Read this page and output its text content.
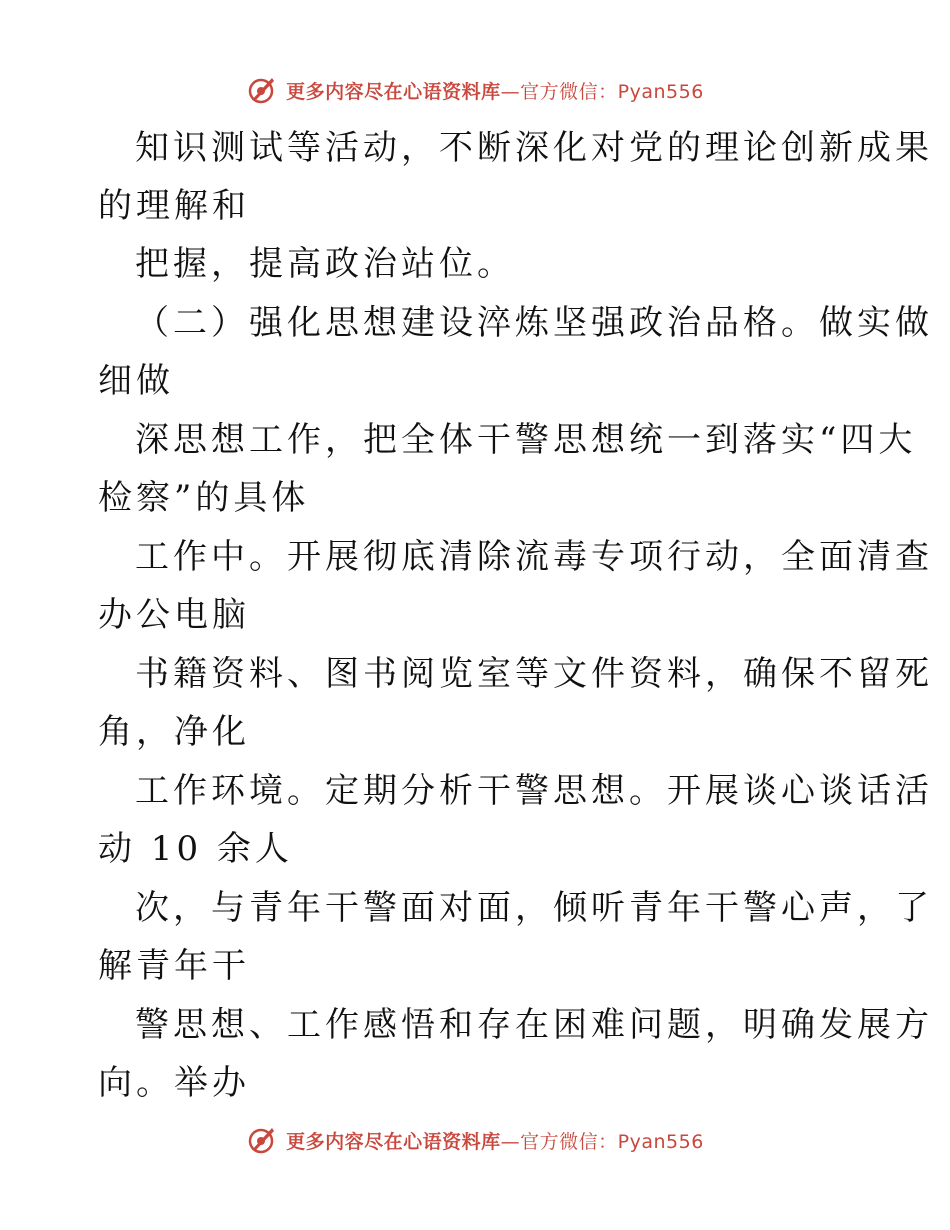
更多内容尽在心语资料库—官方微信：Pyan556
知识测试等活动，不断深化对党的理论创新成果
的理解和
把握，提高政治站位。
（二）强化思想建设淬炼坚强政治品格。做实做
细做
深思想工作，把全体干警思想统一到落实“四大
检察”的具体
工作中。开展彻底清除流毒专项行动，全面清查
办公电脑
书籍资料、图书阅览室等文件资料，确保不留死
角，净化
工作环境。定期分析干警思想。开展谈心谈话活
动 10 余人
次，与青年干警面对面，倾听青年干警心声，了
解青年干
警思想、工作感悟和存在困难问题，明确发展方
向。举办
更多内容尽在心语资料库—官方微信：Pyan556
